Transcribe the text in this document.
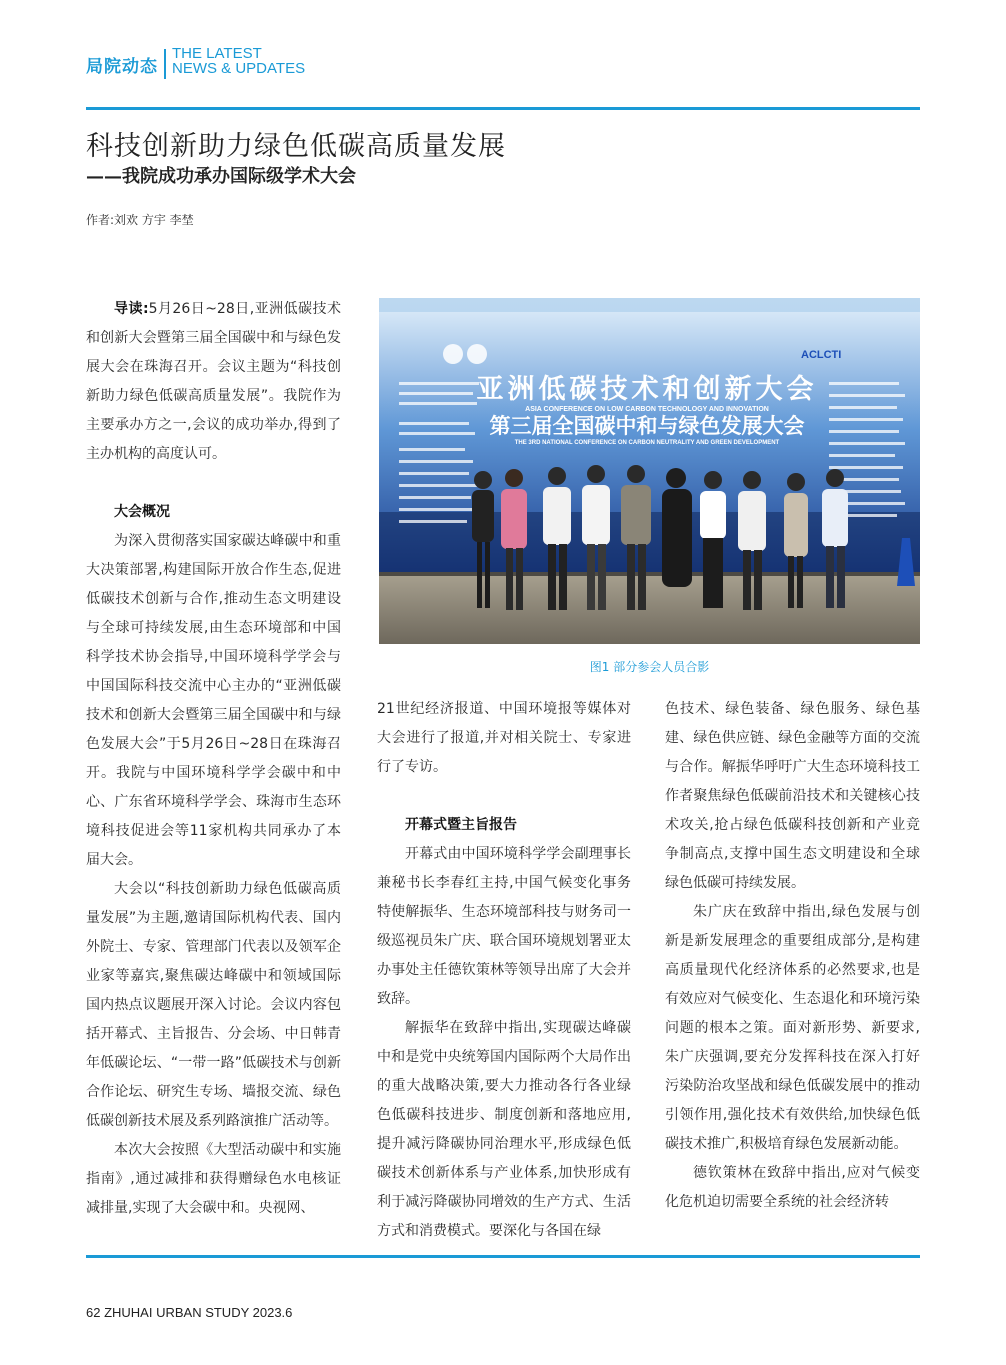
局院动态
THE LATEST
NEWS & UPDATES
科技创新助力绿色低碳高质量发展
——我院成功承办国际级学术大会
作者:刘欢 方宇 李埜

导读:5月26日~28日,亚洲低碳技术和创新大会暨第三届全国碳中和与绿色发展大会在珠海召开。会议主题为“科技创新助力绿色低碳高质量发展”。我院作为主要承办方之一,会议的成功举办,得到了主办机构的高度认可。

大会概况

为深入贯彻落实国家碳达峰碳中和重大决策部署,构建国际开放合作生态,促进低碳技术创新与合作,推动生态文明建设与全球可持续发展,由生态环境部和中国科学技术协会指导,中国环境科学学会与中国国际科技交流中心主办的“亚洲低碳技术和创新大会暨第三届全国碳中和与绿色发展大会”于5月26日~28日在珠海召开。我院与中国环境科学学会碳中和中心、广东省环境科学学会、珠海市生态环境科技促进会等11家机构共同承办了本届大会。

大会以“科技创新助力绿色低碳高质量发展”为主题,邀请国际机构代表、国内外院士、专家、管理部门代表以及领军企业家等嘉宾,聚焦碳达峰碳中和领域国际国内热点议题展开深入讨论。会议内容包括开幕式、主旨报告、分会场、中日韩青年低碳论坛、“一带一路”低碳技术与创新合作论坛、研究生专场、墙报交流、绿色低碳创新技术展及系列路演推广活动等。

本次大会按照《大型活动碳中和实施指南》,通过减排和获得赠绿色水电核证减排量,实现了大会碳中和。央视网、

ACLCTI
亚洲低碳技术和创新大会
ASIA CONFERENCE ON LOW CARBON TECHNOLOGY AND INNOVATION
第三届全国碳中和与绿色发展大会
THE 3RD NATIONAL CONFERENCE ON CARBON NEUTRALITY AND GREEN DEVELOPMENT
图1 部分参会人员合影

21世纪经济报道、中国环境报等媒体对大会进行了报道,并对相关院士、专家进行了专访。

开幕式暨主旨报告

开幕式由中国环境科学学会副理事长兼秘书长李春红主持,中国气候变化事务特使解振华、生态环境部科技与财务司一级巡视员朱广庆、联合国环境规划署亚太办事处主任德钦策林等领导出席了大会并致辞。

解振华在致辞中指出,实现碳达峰碳中和是党中央统筹国内国际两个大局作出的重大战略决策,要大力推动各行各业绿色低碳科技进步、制度创新和落地应用,提升减污降碳协同治理水平,形成绿色低碳技术创新体系与产业体系,加快形成有利于减污降碳协同增效的生产方式、生活方式和消费模式。要深化与各国在绿

色技术、绿色装备、绿色服务、绿色基建、绿色供应链、绿色金融等方面的交流与合作。解振华呼吁广大生态环境科技工作者聚焦绿色低碳前沿技术和关键核心技术攻关,抢占绿色低碳科技创新和产业竞争制高点,支撑中国生态文明建设和全球绿色低碳可持续发展。

朱广庆在致辞中指出,绿色发展与创新是新发展理念的重要组成部分,是构建高质量现代化经济体系的必然要求,也是有效应对气候变化、生态退化和环境污染问题的根本之策。面对新形势、新要求,朱广庆强调,要充分发挥科技在深入打好污染防治攻坚战和绿色低碳发展中的推动引领作用,强化技术有效供给,加快绿色低碳技术推广,积极培育绿色发展新动能。

德钦策林在致辞中指出,应对气候变化危机迫切需要全系统的社会经济转

62 ZHUHAI URBAN STUDY 2023.6
